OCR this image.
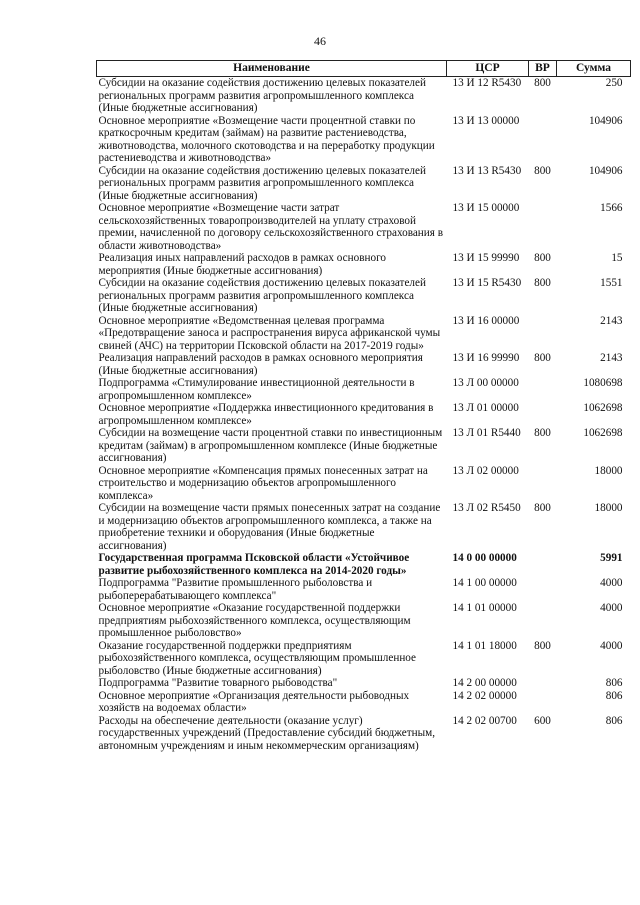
46
Наименование	ЦСР	ВР	Сумма
Субсидии на оказание содействия достижению целевых показателей региональных программ развития агропромышленного комплекса (Иные бюджетные ассигнования)	13 И 12 R5430	800	250
Основное мероприятие «Возмещение части процентной ставки по краткосрочным кредитам (займам) на развитие растениеводства, животноводства, молочного скотоводства и на переработку продукции растениеводства и животноводства»	13 И 13 00000		104906
Субсидии на оказание содействия достижению целевых показателей региональных программ развития агропромышленного комплекса (Иные бюджетные ассигнования)	13 И 13 R5430	800	104906
Основное мероприятие «Возмещение части затрат сельскохозяйственных товаропроизводителей на уплату страховой премии, начисленной по договору сельскохозяйственного страхования в области животноводства»	13 И 15 00000		1566
Реализация иных направлений расходов в рамках основного мероприятия (Иные бюджетные ассигнования)	13 И 15 99990	800	15
Субсидии на оказание содействия достижению целевых показателей региональных программ развития агропромышленного комплекса (Иные бюджетные ассигнования)	13 И 15 R5430	800	1551
Основное мероприятие «Ведомственная целевая программа «Предотвращение заноса и распространения вируса африканской чумы свиней (АЧС) на территории Псковской области на 2017-2019 годы»	13 И 16 00000		2143
Реализация направлений расходов в рамках основного мероприятия (Иные бюджетные ассигнования)	13 И 16 99990	800	2143
Подпрограмма «Стимулирование инвестиционной деятельности в агропромышленном комплексе»	13 Л 00 00000		1080698
Основное мероприятие «Поддержка инвестиционного кредитования в агропромышленном комплексе»	13 Л 01 00000		1062698
Субсидии на возмещение части процентной ставки по инвестиционным кредитам (займам) в агропромышленном комплексе (Иные бюджетные ассигнования)	13 Л 01 R5440	800	1062698
Основное мероприятие «Компенсация прямых понесенных затрат на строительство и модернизацию объектов агропромышленного комплекса»	13 Л 02 00000		18000
Субсидии на возмещение части прямых понесенных затрат на создание и модернизацию объектов агропромышленного комплекса, а также на приобретение техники и оборудования (Иные бюджетные ассигнования)	13 Л 02 R5450	800	18000
Государственная программа Псковской области «Устойчивое развитие рыбохозяйственного комплекса на 2014-2020 годы»	14 0 00 00000		5991
Подпрограмма "Развитие промышленного рыболовства и рыбоперерабатывающего комплекса"	14 1 00 00000		4000
Основное мероприятие «Оказание государственной поддержки предприятиям рыбохозяйственного комплекса, осуществляющим промышленное рыболовство»	14 1 01 00000		4000
Оказание государственной поддержки предприятиям рыбохозяйственного комплекса, осуществляющим промышленное рыболовство (Иные бюджетные ассигнования)	14 1 01 18000	800	4000
Подпрограмма "Развитие товарного рыбоводства"	14 2 00 00000		806
Основное мероприятие «Организация деятельности рыбоводных хозяйств на водоемах области»	14 2 02 00000		806
Расходы на обеспечение деятельности (оказание услуг) государственных учреждений (Предоставление субсидий бюджетным, автономным учреждениям и иным некоммерческим организациям)	14 2 02 00700	600	806
